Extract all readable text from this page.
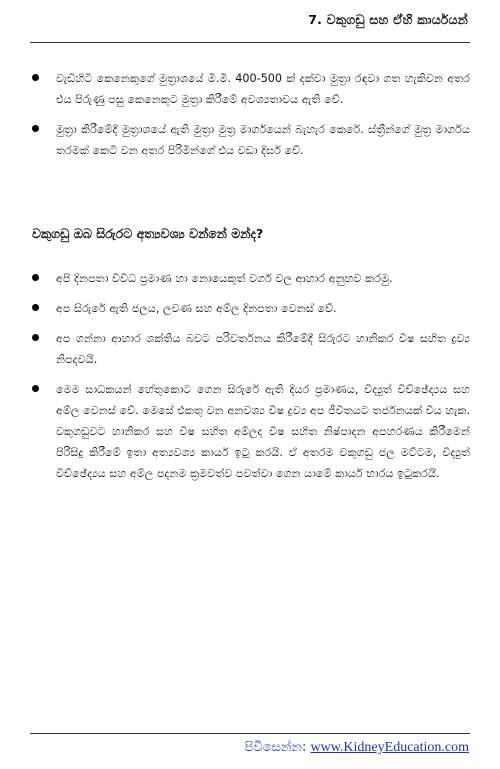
7. වකුගඩු සහ ඒහි කාර්යයන්
වැඩිහිටි කෙනෙකුගේ මුත්‍රාශයේ මි.මි. 400-500 ක් දක්වා මුත්‍රා රඳවා ගත හැකිවන අතර එය පිරුණු පසු කෙනෙකුට මුත්‍රා කිරීමේ අවශ්‍යතාවය ඇති වේ.
මුත්‍රා කිරීමේදී මුත්‍රාශයේ ඇති මුත්‍රා මුත්‍ර මාර්ගයෙන් බැහැර කෙරේ. ස්ත්‍රීන්ගේ මුත්‍ර මාර්ගය තරමක් කෙටි වන අතර පිරිමින්ගේ එය වඩා දිර්ඝ වේ.
වකුගඩු ඔබ සිරුරට අත්‍යවශ්‍ය වන්නේ මන්ද?
අපි දිනපතා විවිධ ප්‍රමාණ හා නොයෙකුත් වර්ග වල ආහාර අනුභව කරමු.
අප සිරුරේ ඇති ජලය, ලවණ සහ අම්ල දිනපතා වෙනස් වේ.
අප ගන්නා ආහාර ශක්තිය බවට පරිවර්තනය කිරීමේදී සිරුරට හානිකර විෂ සහිත ද්‍රව්‍ය නිපදවයි.
මෙම සාධකයන් හේතුකොට ගෙන සිරුරේ ඇති දියර ප්‍රමාණය, විද්‍යුත් විච්ඡේද්‍යය සහ අම්ල වෙනස් වේ. මෙසේ එකතු වන අනවශ්‍ය විෂ ද්‍රව්‍ය අප ජීවිතයට තර්ජනයක් විය හැක. වකුගඩුවට හානිකර සහ විෂ සහිත අම්ලද විෂ සහිත නිෂ්පාදන අපහරණය කිරීමෙන් පිරිසිදු කිරීමේ ඉතා අත්‍යවශ්‍ය කාර්ය ඉටු කරයි. ඒ අතරම වකුගඩු ජල මට්ටම, විද්‍යුත් විච්ඡේද්‍යය සහ අම්ල පදනම ක්‍රමවත්ව පවත්වා ගෙන යාමේ කාර්ය භාරය ඉටුකරයි.
පිවිසෙන්න: www.KidneyEducation.com
